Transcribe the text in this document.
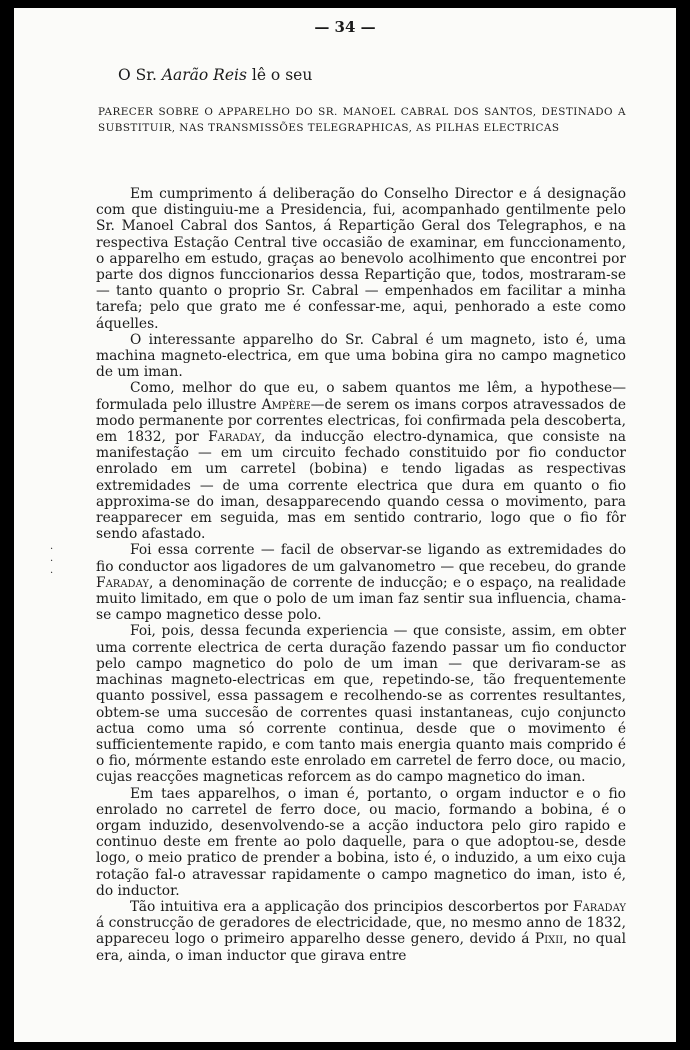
— 34 —
O Sr. Aarão Reis lê o seu
PARECER SOBRE O APPARELHO DO SR. MANOEL CABRAL DOS SANTOS, DESTINADO A SUBSTITUIR, NAS TRANSMISSÕES TELEGRAPHICAS, AS PILHAS ELECTRICAS
·
·
·

Em cumprimento á deliberação do Conselho Director e á designação com que distinguiu-me a Presidencia, fui, acompanhado gentilmente pelo Sr. Manoel Cabral dos Santos, á Repartição Geral dos Telegraphos, e na respectiva Estação Central tive occasião de examinar, em funccionamento, o apparelho em estudo, graças ao benevolo acolhimento que encontrei por parte dos dignos funccionarios dessa Repartição que, todos, mostraram-se — tanto quanto o proprio Sr. Cabral — empenhados em facilitar a minha tarefa; pelo que grato me é confessar-me, aqui, penhorado a este como áquelles.

O interessante apparelho do Sr. Cabral é um magneto, isto é, uma machina magneto-electrica, em que uma bobina gira no campo magnetico de um iman.

Como, melhor do que eu, o sabem quantos me lêm, a hypothese—formulada pelo illustre Ampère—de serem os imans corpos atravessados de modo permanente por correntes electricas, foi confirmada pela descoberta, em 1832, por Faraday, da inducção electro-dynamica, que consiste na manifestação — em um circuito fechado constituido por fio conductor enrolado em um carretel (bobina) e tendo ligadas as respectivas extremidades — de uma corrente electrica que dura em quanto o fio approxima-se do iman, desapparecendo quando cessa o movimento, para reapparecer em seguida, mas em sentido contrario, logo que o fio fôr sendo afastado.

Foi essa corrente — facil de observar-se ligando as extremidades do fio conductor aos ligadores de um galvanometro — que recebeu, do grande Faraday, a denominação de corrente de inducção; e o espaço, na realidade muito limitado, em que o polo de um iman faz sentir sua influencia, chama-se campo magnetico desse polo.

Foi, pois, dessa fecunda experiencia — que consiste, assim, em obter uma corrente electrica de certa duração fazendo passar um fio conductor pelo campo magnetico do polo de um iman — que derivaram-se as machinas magneto-electricas em que, repetindo-se, tão frequentemente quanto possivel, essa passagem e recolhendo-se as correntes resultantes, obtem-se uma succesão de correntes quasi instantaneas, cujo conjuncto actua como uma só corrente continua, desde que o movimento é sufficientemente rapido, e com tanto mais energia quanto mais comprido é o fio, mórmente estando este enrolado em carretel de ferro doce, ou macio, cujas reacções magneticas reforcem as do campo magnetico do iman.

Em taes apparelhos, o iman é, portanto, o orgam inductor e o fio enrolado no carretel de ferro doce, ou macio, formando a bobina, é o orgam induzido, desenvolvendo-se a acção inductora pelo giro rapido e continuo deste em frente ao polo daquelle, para o que adoptou-se, desde logo, o meio pratico de prender a bobina, isto é, o induzido, a um eixo cuja rotação fal-o atravessar rapidamente o campo magnetico do iman, isto é, do inductor.

Tão intuitiva era a applicação dos principios descorbertos por Faraday á construcção de geradores de electricidade, que, no mesmo anno de 1832, appareceu logo o primeiro apparelho desse genero, devido á Pixii, no qual era, ainda, o iman inductor que girava entre
